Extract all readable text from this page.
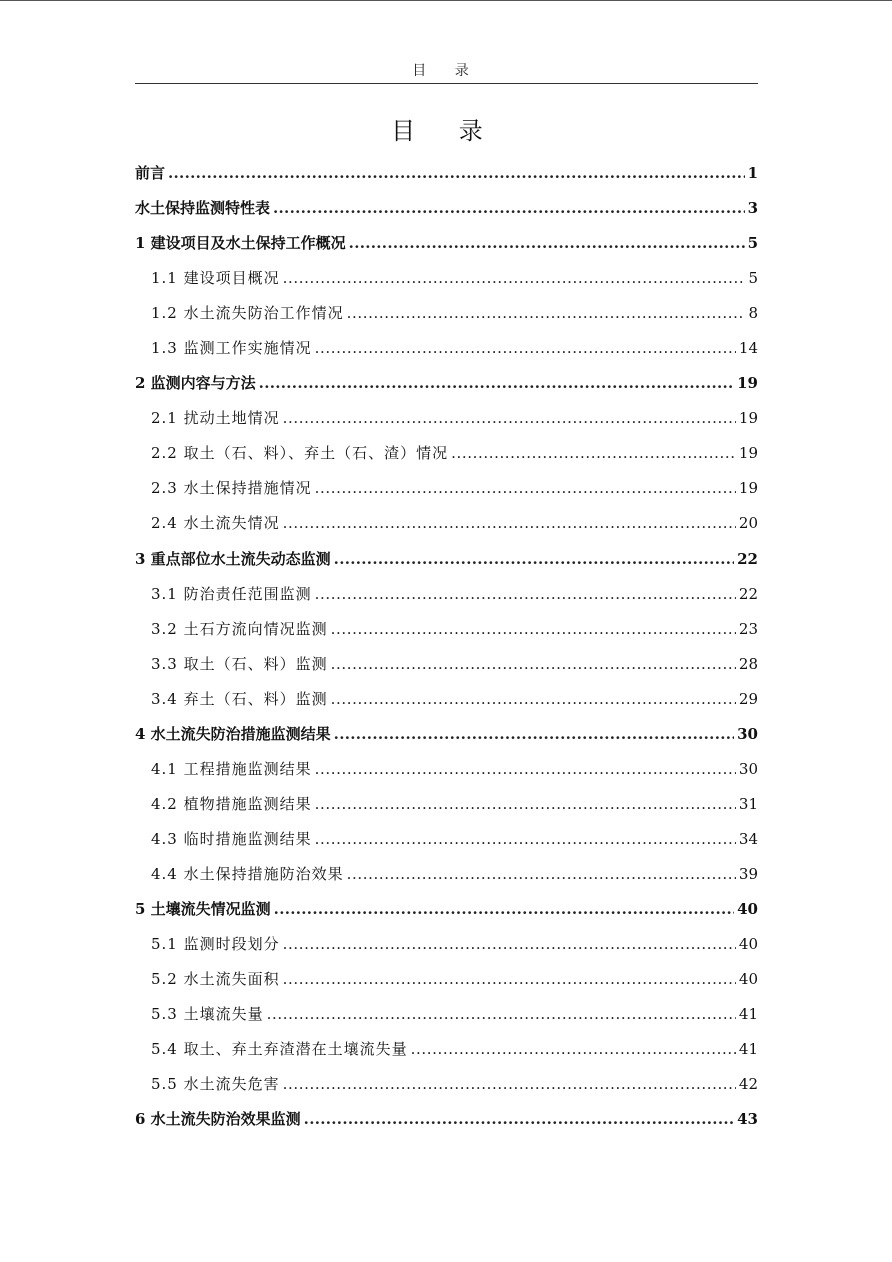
目 录
目 录
前言 .....	1
水土保持监测特性表 .....	3
1 建设项目及水土保持工作概况 .....	5
1.1 建设项目概况 .....	5
1.2 水土流失防治工作情况 .....	8
1.3 监测工作实施情况 .....	14
2 监测内容与方法 .....	19
2.1 扰动土地情况 .....	19
2.2 取土（石、料）、弃土（石、渣）情况 .....	19
2.3 水土保持措施情况 .....	19
2.4 水土流失情况 .....	20
3 重点部位水土流失动态监测 .....	22
3.1 防治责任范围监测 .....	22
3.2 土石方流向情况监测 .....	23
3.3 取土（石、料）监测 .....	28
3.4 弃土（石、料）监测 .....	29
4 水土流失防治措施监测结果 .....	30
4.1 工程措施监测结果 .....	30
4.2 植物措施监测结果 .....	31
4.3 临时措施监测结果 .....	34
4.4 水土保持措施防治效果 .....	39
5 土壤流失情况监测 .....	40
5.1 监测时段划分 .....	40
5.2 水土流失面积 .....	40
5.3 土壤流失量 .....	41
5.4 取土、弃土弃渣潜在土壤流失量 .....	41
5.5 水土流失危害 .....	42
6 水土流失防治效果监测 .....	43
